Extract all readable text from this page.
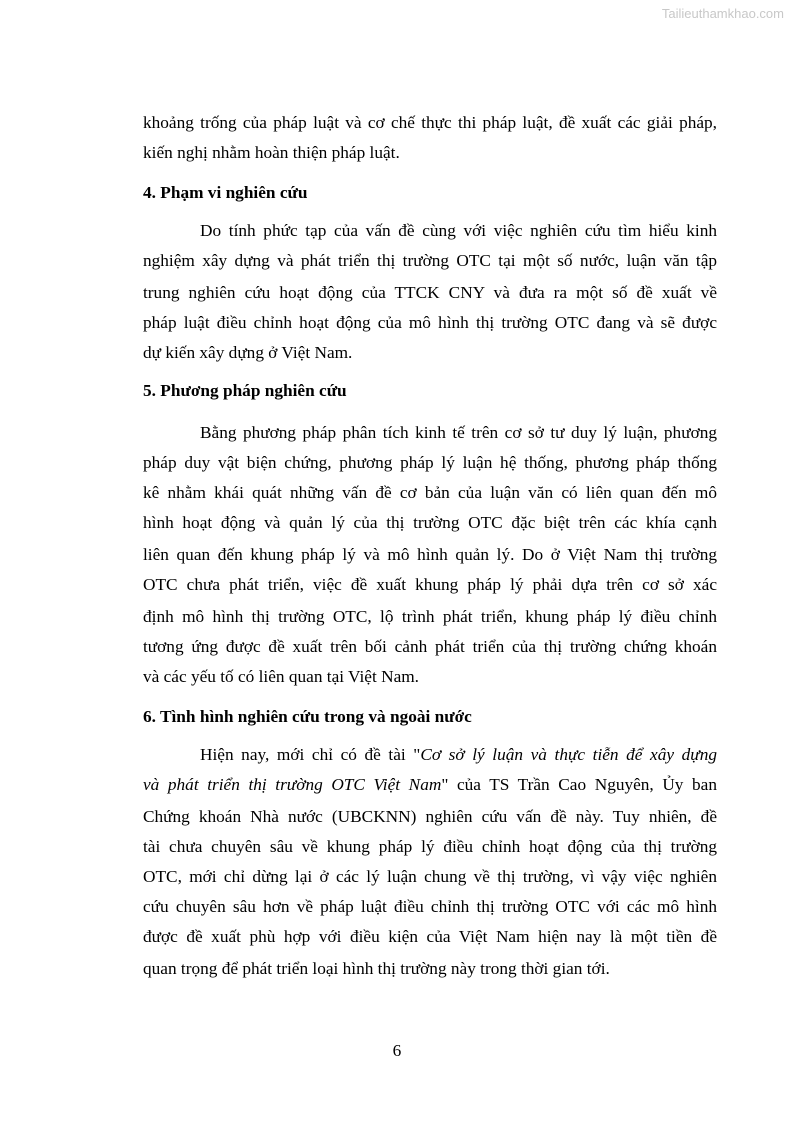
Tailieuthamkhao.com
khoảng trống của pháp luật và cơ chế thực thi pháp luật, đề xuất các giải pháp,
kiến nghị nhằm hoàn thiện pháp luật.
4. Phạm vi nghiên cứu
Do tính phức tạp của vấn đề cùng với việc nghiên cứu tìm hiểu kinh
nghiệm xây dựng và phát triển thị trường OTC tại một số nước, luận văn tập
trung nghiên cứu hoạt động của TTCK CNY và đưa ra một số đề xuất về
pháp luật điều chỉnh hoạt động của mô hình thị trường OTC đang và sẽ được
dự kiến xây dựng ở Việt Nam.
5. Phương pháp nghiên cứu
Bằng phương pháp phân tích kinh tế trên cơ sở tư duy lý luận, phương
pháp duy vật biện chứng, phương pháp lý luận hệ thống, phương pháp thống
kê nhằm khái quát những vấn đề cơ bản của luận văn có liên quan đến mô
hình hoạt động và quản lý của thị trường OTC đặc biệt trên các khía cạnh
liên quan đến khung pháp lý và mô hình quản lý. Do ở Việt Nam thị trường
OTC chưa phát triển, việc đề xuất khung pháp lý phải dựa trên cơ sở xác
định mô hình thị trường OTC, lộ trình phát triển, khung pháp lý điều chỉnh
tương ứng được đề xuất trên bối cảnh phát triển của thị trường chứng khoán
và các yếu tố có liên quan tại Việt Nam.
6. Tình hình nghiên cứu trong và ngoài nước
Hiện nay, mới chỉ có đề tài "Cơ sở lý luận và thực tiễn để xây dựng
và phát triển thị trường OTC Việt Nam" của TS Trần Cao Nguyên, Ủy ban
Chứng khoán Nhà nước (UBCKNN) nghiên cứu vấn đề này. Tuy nhiên, đề
tài chưa chuyên sâu về khung pháp lý điều chỉnh hoạt động của thị trường
OTC, mới chỉ dừng lại ở các lý luận chung về thị trường, vì vậy việc nghiên
cứu chuyên sâu hơn về pháp luật điều chỉnh thị trường OTC với các mô hình
được đề xuất phù hợp với điều kiện của Việt Nam hiện nay là một tiền đề
quan trọng để phát triển loại hình thị trường này trong thời gian tới.
6
